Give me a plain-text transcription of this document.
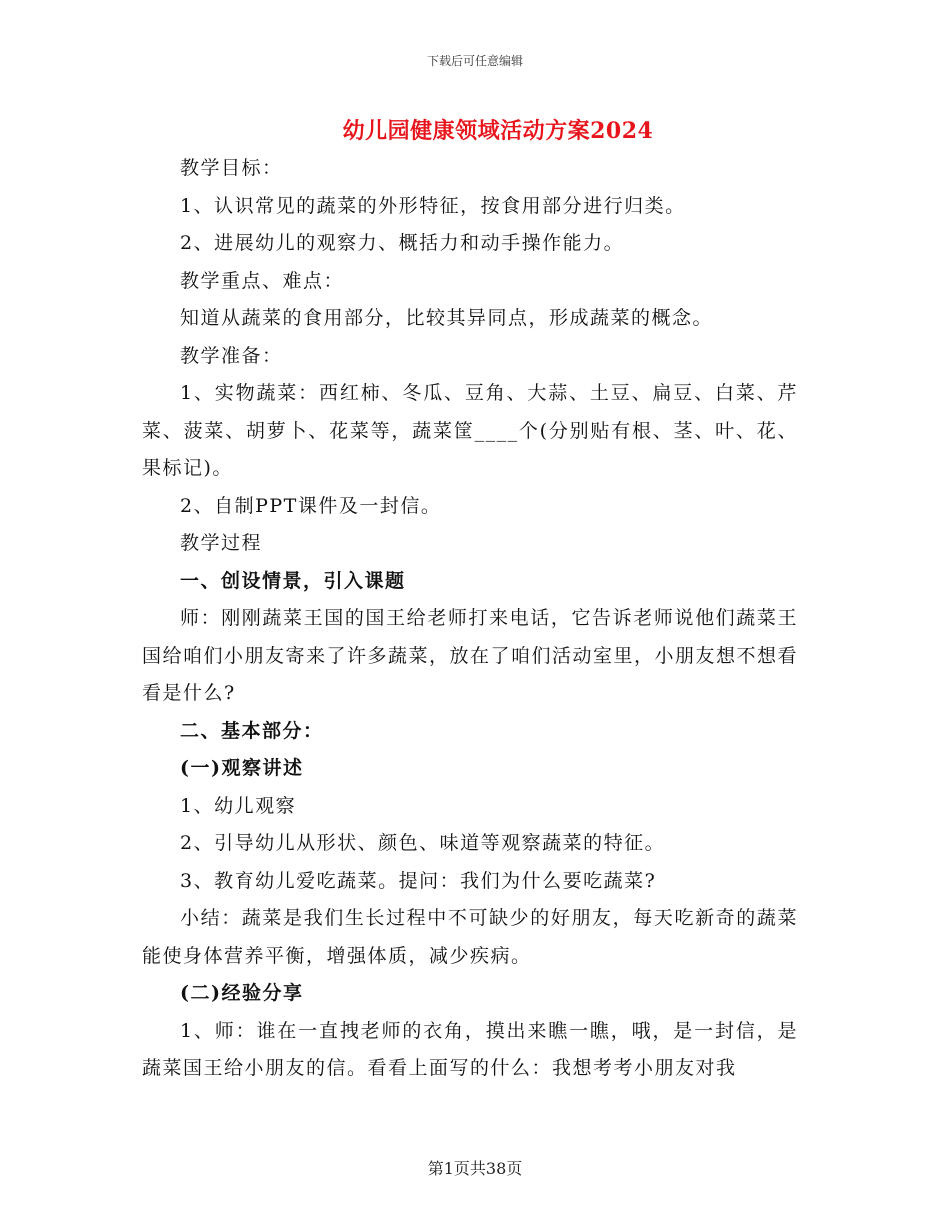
下载后可任意编辑
幼儿园健康领域活动方案2024

教学目标：

1、认识常见的蔬菜的外形特征，按食用部分进行归类。

2、进展幼儿的观察力、概括力和动手操作能力。

教学重点、难点：

知道从蔬菜的食用部分，比较其异同点，形成蔬菜的概念。

教学准备：

1、实物蔬菜：西红柿、冬瓜、豆角、大蒜、土豆、扁豆、白菜、芹菜、菠菜、胡萝卜、花菜等，蔬菜筐____个(分别贴有根、茎、叶、花、果标记)。

2、自制PPT课件及一封信。

教学过程

一、创设情景，引入课题

师：刚刚蔬菜王国的国王给老师打来电话，它告诉老师说他们蔬菜王国给咱们小朋友寄来了许多蔬菜，放在了咱们活动室里，小朋友想不想看看是什么?

二、基本部分：

(一)观察讲述

1、幼儿观察

2、引导幼儿从形状、颜色、味道等观察蔬菜的特征。

3、教育幼儿爱吃蔬菜。提问：我们为什么要吃蔬菜?

小结：蔬菜是我们生长过程中不可缺少的好朋友，每天吃新奇的蔬菜能使身体营养平衡，增强体质，减少疾病。

(二)经验分享

1、师：谁在一直拽老师的衣角，摸出来瞧一瞧，哦，是一封信，是蔬菜国王给小朋友的信。看看上面写的什么：我想考考小朋友对我

第1页共38页
